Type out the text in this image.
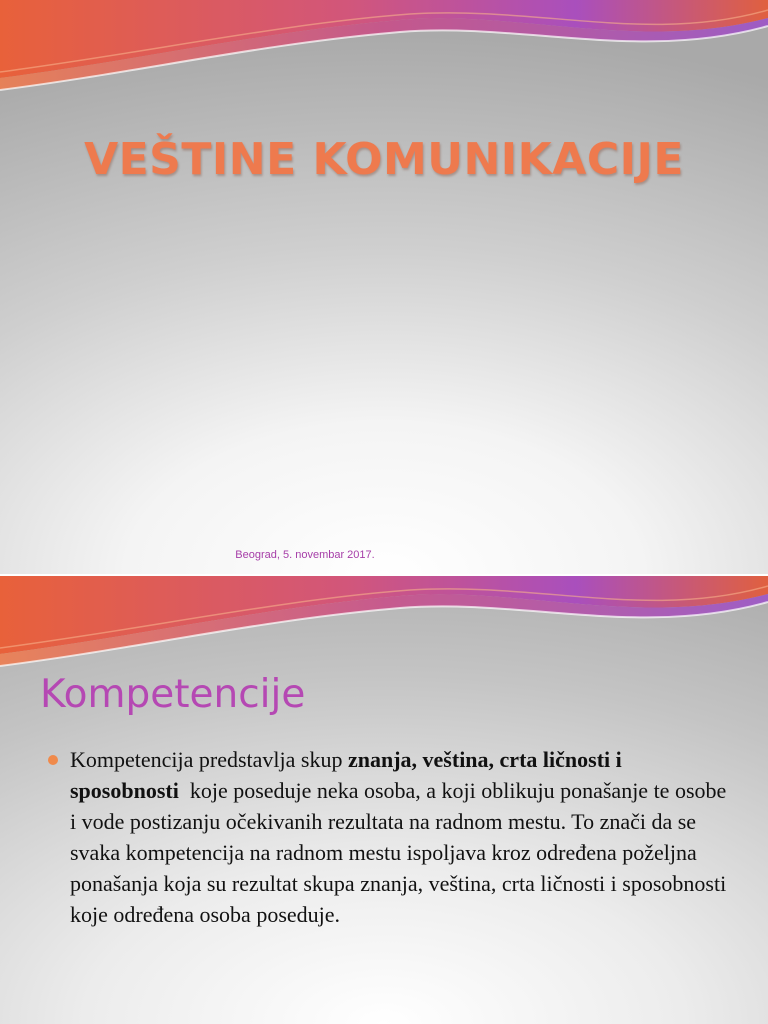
VEŠTINE KOMUNIKACIJE
Beograd, 5. novembar 2017.
Kompetencije
Kompetencija predstavlja skup znanja, veština, crta ličnosti i sposobnosti  koje poseduje neka osoba, a koji oblikuju ponašanje te osobe i vode postizanju očekivanih rezultata na radnom mestu. To znači da se svaka kompetencija na radnom mestu ispoljava kroz određena poželjna ponašanja koja su rezultat skupa znanja, veština, crta ličnosti i sposobnosti koje određena osoba poseduje.
